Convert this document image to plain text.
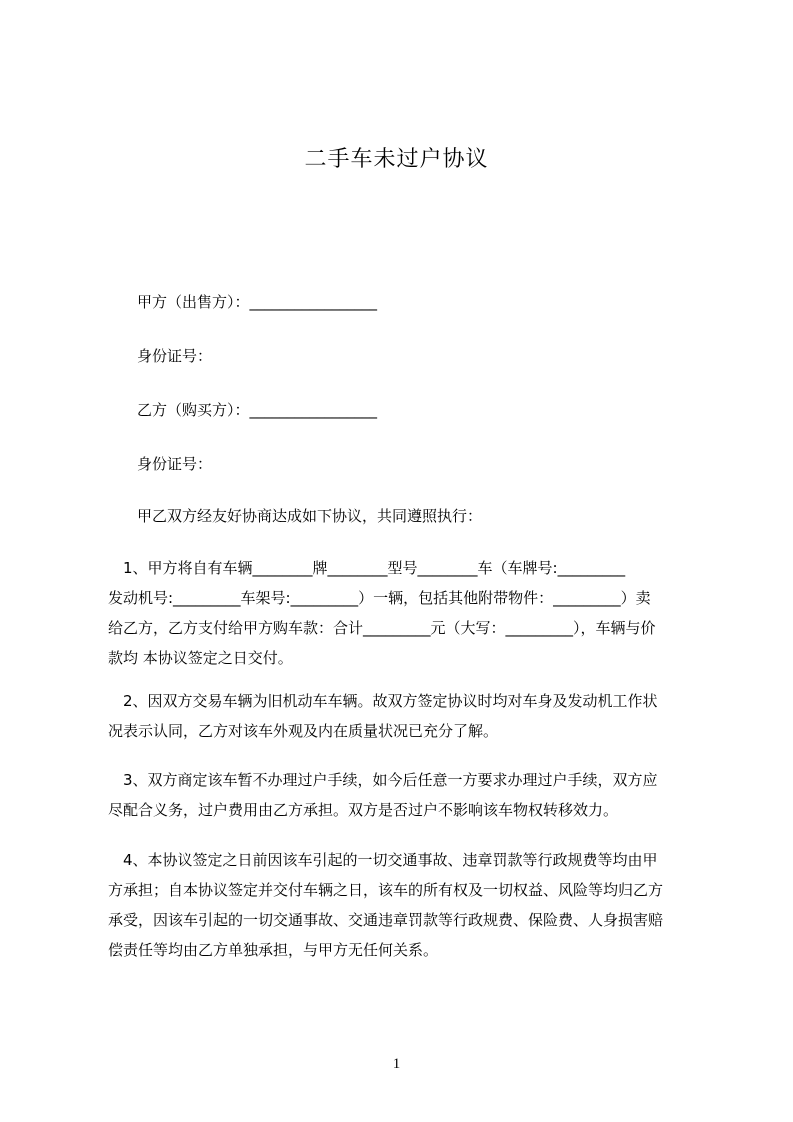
二手车未过户协议

甲方（出售方）：_________________

身份证号：

乙方（购买方）：_________________

身份证号：

甲乙双方经友好协商达成如下协议，共同遵照执行：

　1、甲方将自有车辆________牌________型号________车（车牌号:_________
发动机号:_________车架号:_________）一辆，包括其他附带物件：_________）卖
给乙方，乙方支付给甲方购车款：合计_________元（大写：_________），车辆与价
款均 本协议签定之日交付。
　2、因双方交易车辆为旧机动车车辆。故双方签定协议时均对车身及发动机工作状
况表示认同，乙方对该车外观及内在质量状况已充分了解。
　3、双方商定该车暂不办理过户手续，如今后任意一方要求办理过户手续，双方应
尽配合义务，过户费用由乙方承担。双方是否过户不影响该车物权转移效力。
　4、本协议签定之日前因该车引起的一切交通事故、违章罚款等行政规费等均由甲
方承担；自本协议签定并交付车辆之日，该车的所有权及一切权益、风险等均归乙方
承受，因该车引起的一切交通事故、交通违章罚款等行政规费、保险费、人身损害赔
偿责任等均由乙方单独承担，与甲方无任何关系。

1
